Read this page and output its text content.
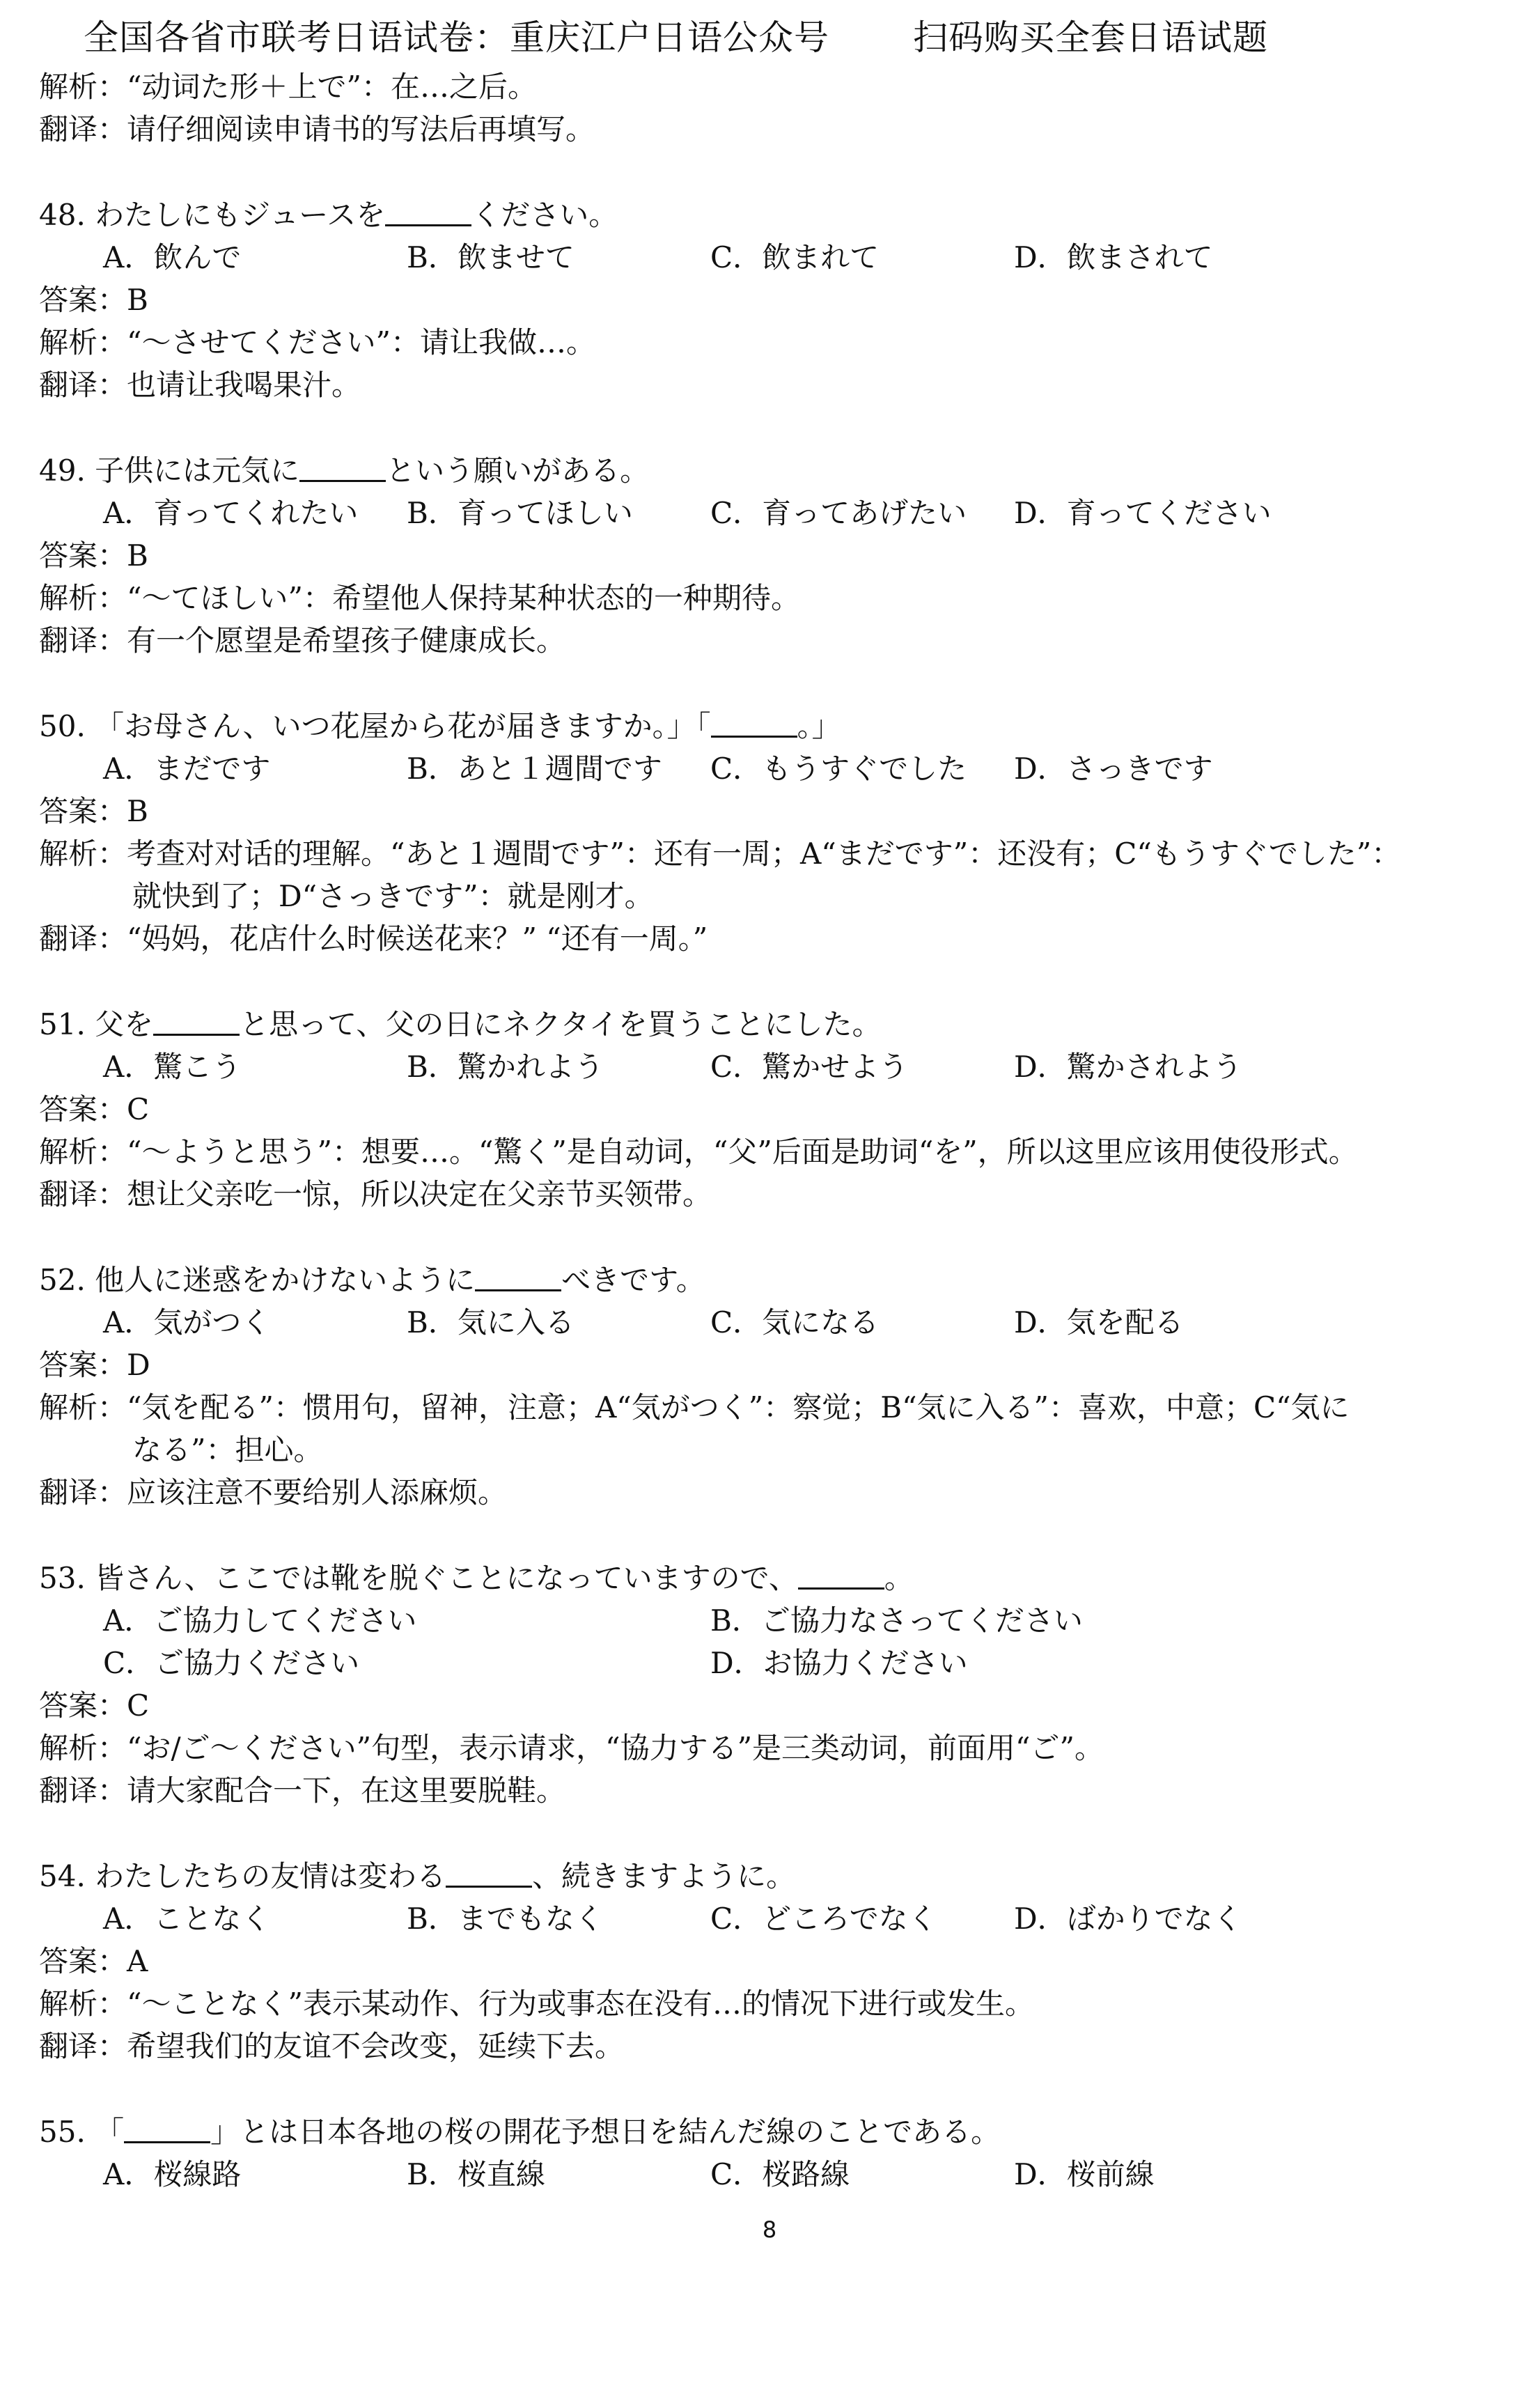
全国各省市联考日语试卷：重庆江户日语公众号 扫码购买全套日语试题
解析：“动词た形＋上で”：在…之后。
翻译：请仔细阅读申请书的写法后再填写。
48. わたしにもジュースを	ください。

A．飲んで

	B．飲ませて

	C．飲まれて

	D．飲まされて

答案：B
解析：“～させてください”：请让我做…。
翻译：也请让我喝果汁。
49. 子供には元気に	という願いがある。

A．育ってくれたい

B．育ってほしい

	C．育ってあげたい

D．育ってください

答案：B
解析：“～てほしい”：希望他人保持某种状态的一种期待。
翻译：有一个愿望是希望孩子健康成长。
50. 「お母さん、いつ花屋から花が届きますか。」「	。」

A．まだです

	B．あと１週間です

C．もうすぐでした

D．さっきです

答案：B
解析：考查对对话的理解。“あと１週間です”：还有一周；A“まだです”：还没有；C“もうすぐでした”：
就快到了；D“さっきです”：就是刚才。
翻译：“妈妈，花店什么时候送花来？” “还有一周。”
51. 父を	と思って、父の日にネクタイを買うことにした。

A．驚こう

	B．驚かれよう

	C．驚かせよう

	D．驚かされよう

答案：C
解析：“～ようと思う”：想要…。“驚く”是自动词，“父”后面是助词“を”，所以这里应该用使役形式。
翻译：想让父亲吃一惊，所以决定在父亲节买领带。
52. 他人に迷惑をかけないように	べきです。

A．気がつく

	B．気に入る

	C．気になる

	D．気を配る

答案：D
解析：“気を配る”：惯用句，留神，注意；A“気がつく”：察觉；B“気に入る”：喜欢，中意；C“気に
なる”：担心。
翻译：应该注意不要给别人添麻烦。
53. 皆さん、ここでは靴を脱ぐことになっていますので、	。

A．ご協力してください

	B．ご協力なさってください

C．ご協力ください

	D．お協力ください

答案：C
解析：“お/ご～ください”句型，表示请求，“協力する”是三类动词，前面用“ご”。
翻译：请大家配合一下，在这里要脱鞋。
54. わたしたちの友情は変わる	、続きますように。

A．ことなく

	B．までもなく

	C．どころでなく

	D．ばかりでなく

答案：A
解析：“～ことなく”表示某动作、行为或事态在没有…的情况下进行或发生。
翻译：希望我们的友谊不会改变，延续下去。
55. 「	」とは日本各地の桜の開花予想日を結んだ線のことである。

A．桜線路

	B．桜直線

	C．桜路線

	D．桜前線

8
